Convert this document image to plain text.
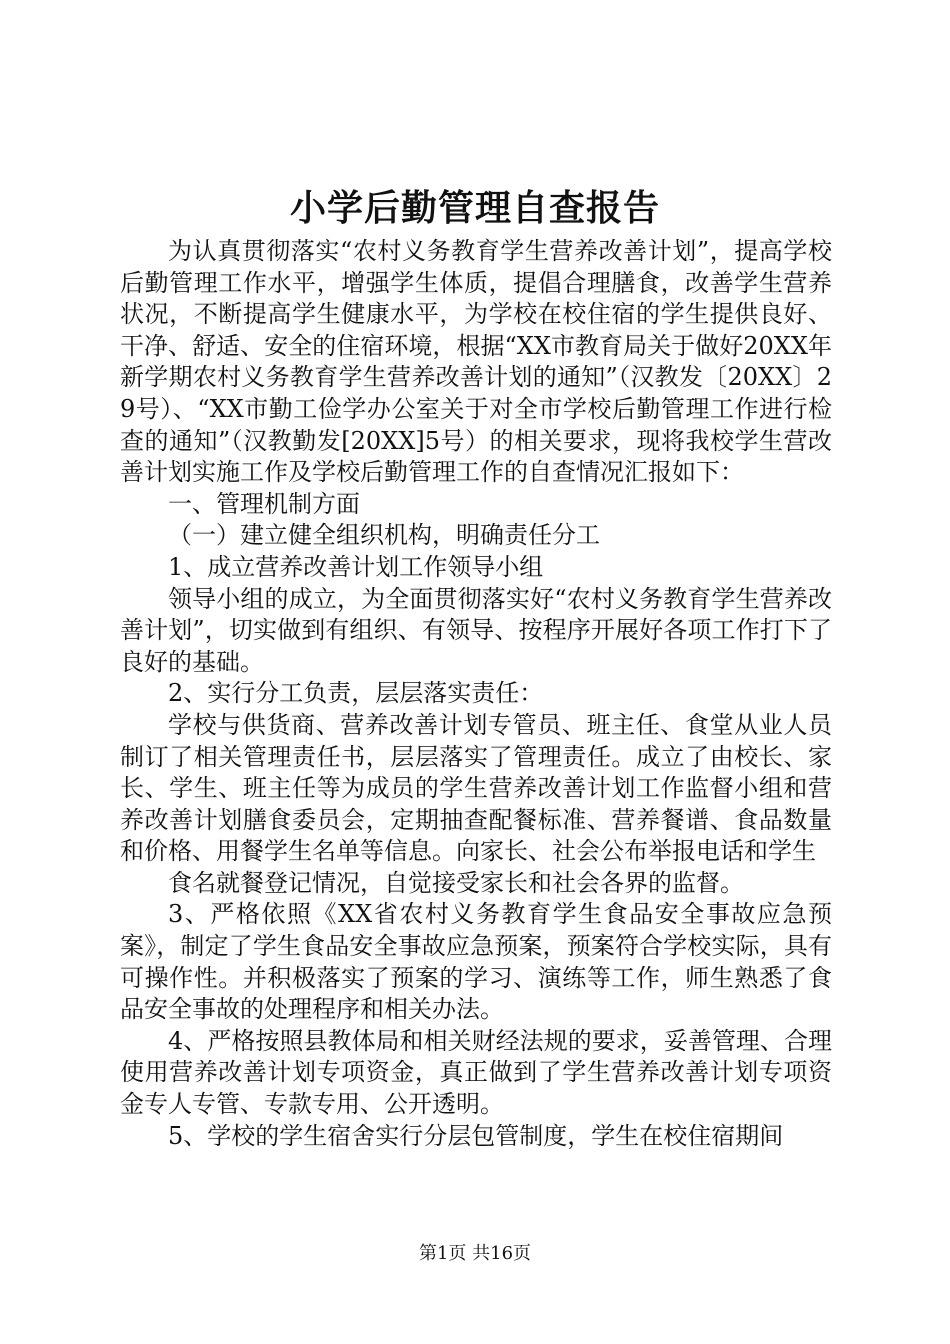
小学后勤管理自查报告

为认真贯彻落实“农村义务教育学生营养改善计划”，提高学校后勤管理工作水平，增强学生体质，提倡合理膳食，改善学生营养状况，不断提高学生健康水平，为学校在校住宿的学生提供良好、干净、舒适、安全的住宿环境，根据“XX市教育局关于做好20XX年新学期农村义务教育学生营养改善计划的通知”（汉教发〔20XX〕29号）、“XX市勤工俭学办公室关于对全市学校后勤管理工作进行检查的通知”（汉教勤发[20XX]5号）的相关要求，现将我校学生营改善计划实施工作及学校后勤管理工作的自查情况汇报如下：

一、管理机制方面

（一）建立健全组织机构，明确责任分工

1、成立营养改善计划工作领导小组

领导小组的成立，为全面贯彻落实好“农村义务教育学生营养改善计划”，切实做到有组织、有领导、按程序开展好各项工作打下了良好的基础。

2、实行分工负责，层层落实责任：

学校与供货商、营养改善计划专管员、班主任、食堂从业人员制订了相关管理责任书，层层落实了管理责任。成立了由校长、家长、学生、班主任等为成员的学生营养改善计划工作监督小组和营养改善计划膳食委员会，定期抽查配餐标准、营养餐谱、食品数量和价格、用餐学生名单等信息。向家长、社会公布举报电话和学生

食名就餐登记情况，自觉接受家长和社会各界的监督。

3、严格依照《XX省农村义务教育学生食品安全事故应急预案》，制定了学生食品安全事故应急预案，预案符合学校实际，具有可操作性。并积极落实了预案的学习、演练等工作，师生熟悉了食品安全事故的处理程序和相关办法。

4、严格按照县教体局和相关财经法规的要求，妥善管理、合理使用营养改善计划专项资金，真正做到了学生营养改善计划专项资金专人专管、专款专用、公开透明。

5、学校的学生宿舍实行分层包管制度，学生在校住宿期间

第1页 共16页
